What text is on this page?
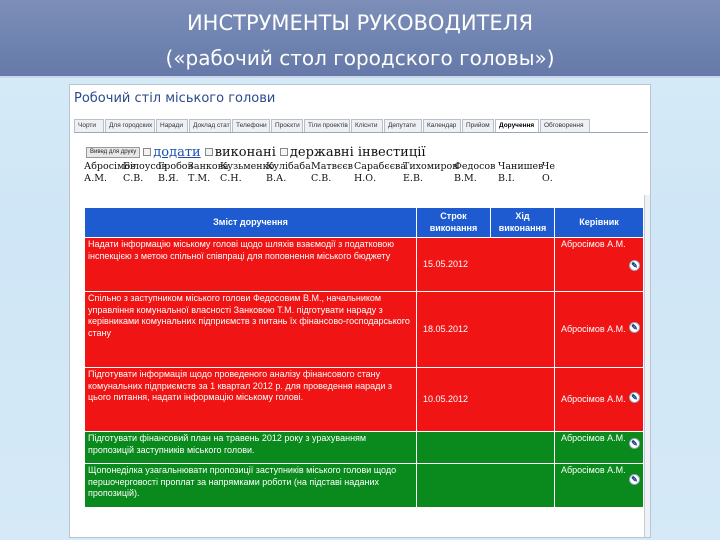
ИНСТРУМЕНТЫ РУКОВОДИТЕЛЯ
(«рабочий стол городского головы»)
Робочий стіл міського голови
Чорти	Для городских	Наради	Доклад стат Телефони	Проєкти	Тіли проектів	Кліснти	Депутати	Календар	Прийом	Доручення	Обговорення
Вивед для друку	додати виконані державні інвестиції
Абросімов
А.М.
Білоусов
С.В.
Гробов
В.Я.
Занкова
Т.М.
Кузьменко
С.Н.
Кулібаба
В.А.
Матвєєв
С.В.
Сарабєєва
Н.О.
Тихомиров
Е.В.
Федосов
В.М.
Чанишев
В.І.
Че
О.
Зміст доручення	Строк виконання	Хід виконання	Керівник
Надати інформацію міському голові щодо шляхів взаємодії з податковою інспекцією з метою спільної співпраці для поповнення міського бюджету	15.05.2012		Абросімов А.М.
✎

Спільно з заступником міського голови Федосовим В.М., начальником управління комунальної власності Занковою Т.М. підготувати нараду з керівниками комунальних підприємств з питань їх фінансово-господарського стану	18.05.2012		Абросімов А.М. ✎

Підготувати інформація щодо проведеного аналізу фінансового стану комунальних підприємств за 1 квартал 2012 р. для проведення наради з цього питання, надати інформацію міському голові.	10.05.2012		Абросімов А.М. ✎

Підготувати фінансовий план на травень 2012 року з урахуванням пропозицій заступників міського голови.			Абросімов А.М.
✎

Щопонеділка узагальнювати пропозиції заступників міського голови щодо першочерговості проплат за напрямками роботи (на підставі наданих пропозицій).			Абросімов А.М.
✎
